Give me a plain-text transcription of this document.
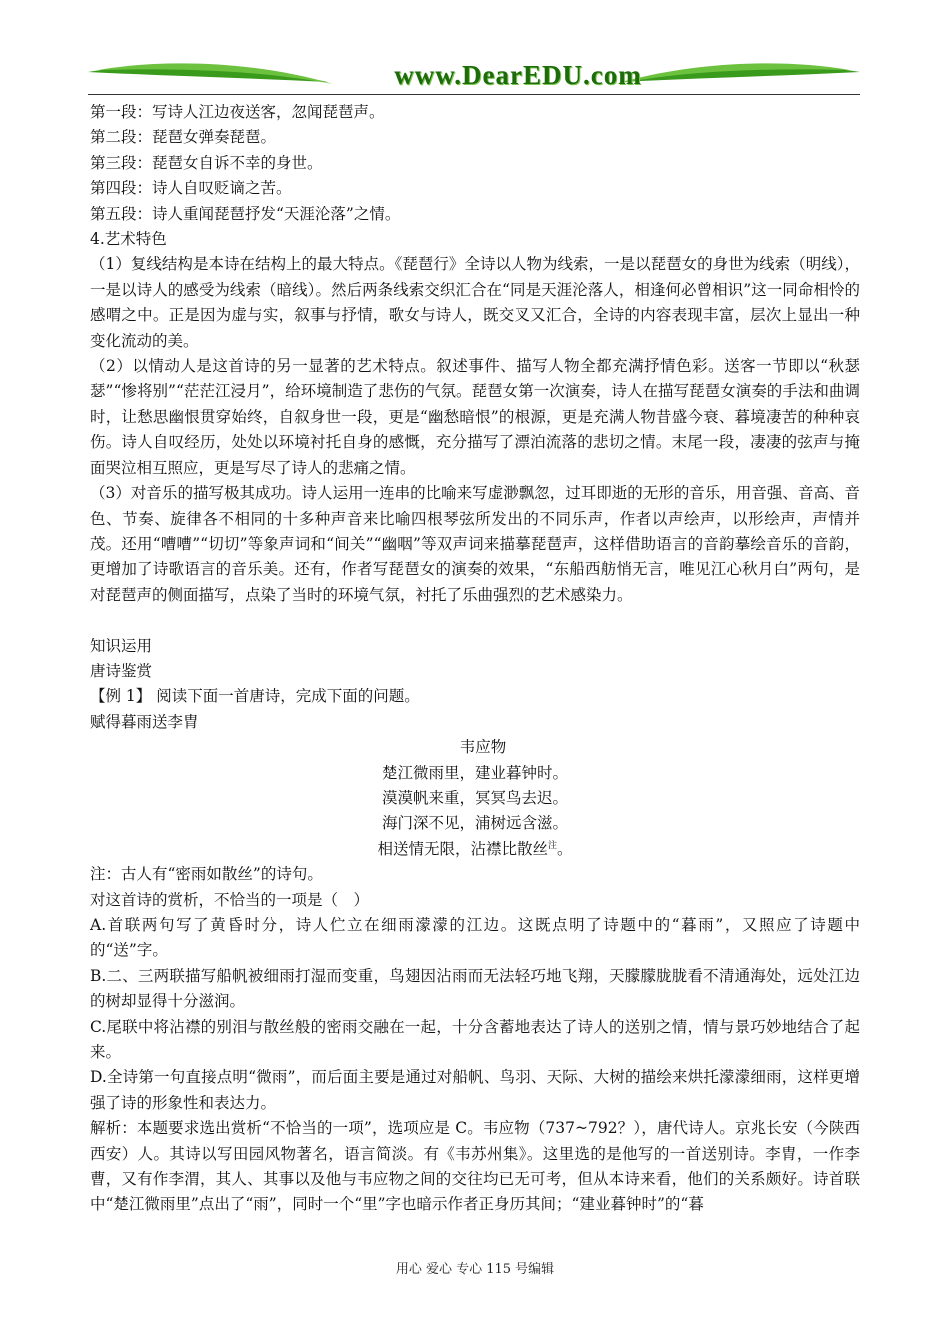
www.DearEDU.com

第一段：写诗人江边夜送客，忽闻琵琶声。

第二段：琵琶女弹奏琵琶。

第三段：琵琶女自诉不幸的身世。

第四段：诗人自叹贬谪之苦。

第五段：诗人重闻琵琶抒发“天涯沦落”之情。

4.艺术特色

（1）复线结构是本诗在结构上的最大特点。《琵琶行》全诗以人物为线索，一是以琵琶女的身世为线索（明线），一是以诗人的感受为线索（暗线）。然后两条线索交织汇合在“同是天涯沦落人，相逢何必曾相识”这一同命相怜的感喟之中。正是因为虚与实，叙事与抒情，歌女与诗人，既交叉又汇合，全诗的内容表现丰富，层次上显出一种变化流动的美。

（2）以情动人是这首诗的另一显著的艺术特点。叙述事件、描写人物全都充满抒情色彩。送客一节即以“秋瑟瑟”“惨将别”“茫茫江浸月”，给环境制造了悲伤的气氛。琵琶女第一次演奏，诗人在描写琵琶女演奏的手法和曲调时，让愁思幽恨贯穿始终，自叙身世一段，更是“幽愁暗恨”的根源，更是充满人物昔盛今衰、暮境凄苦的种种哀伤。诗人自叹经历，处处以环境衬托自身的感慨，充分描写了漂泊流落的悲切之情。末尾一段，凄凄的弦声与掩面哭泣相互照应，更是写尽了诗人的悲痛之情。

（3）对音乐的描写极其成功。诗人运用一连串的比喻来写虚渺飘忽，过耳即逝的无形的音乐，用音强、音高、音色、节奏、旋律各不相同的十多种声音来比喻四根琴弦所发出的不同乐声，作者以声绘声，以形绘声，声情并茂。还用“嘈嘈”“切切”等象声词和“间关”“幽咽”等双声词来描摹琵琶声，这样借助语言的音韵摹绘音乐的音韵，更增加了诗歌语言的音乐美。还有，作者写琵琶女的演奏的效果，“东船西舫悄无言，唯见江心秋月白”两句，是对琵琶声的侧面描写，点染了当时的环境气氛，衬托了乐曲强烈的艺术感染力。

知识运用

唐诗鉴赏

【例 1】 阅读下面一首唐诗，完成下面的问题。

赋得暮雨送李胄

韦应物

楚江微雨里，建业暮钟时。

漠漠帆来重，冥冥鸟去迟。

海门深不见，浦树远含滋。

相送情无限，沾襟比散丝$^注$。

注：古人有“密雨如散丝”的诗句。

对这首诗的赏析，不恰当的一项是（　）

A.首联两句写了黄昏时分，诗人伫立在细雨濛濛的江边。这既点明了诗题中的“暮雨”，又照应了诗题中的“送”字。

B.二、三两联描写船帆被细雨打湿而变重，鸟翅因沾雨而无法轻巧地飞翔，天朦朦胧胧看不清通海处，远处江边的树却显得十分滋润。

C.尾联中将沾襟的别泪与散丝般的密雨交融在一起，十分含蓄地表达了诗人的送别之情，情与景巧妙地结合了起来。

D.全诗第一句直接点明“微雨”，而后面主要是通过对船帆、鸟羽、天际、大树的描绘来烘托濛濛细雨，这样更增强了诗的形象性和表达力。

解析：本题要求选出赏析“不恰当的一项”，选项应是 C。韦应物（737~792？），唐代诗人。京兆长安（今陕西西安）人。其诗以写田园风物著名，语言简淡。有《韦苏州集》。这里选的是他写的一首送别诗。李胄，一作李曹，又有作李渭，其人、其事以及他与韦应物之间的交往均已无可考，但从本诗来看，他们的关系颇好。诗首联中“楚江微雨里”点出了“雨”，同时一个“里”字也暗示作者正身历其间；“建业暮钟时”的“暮

用心 爱心 专心 115 号编辑
